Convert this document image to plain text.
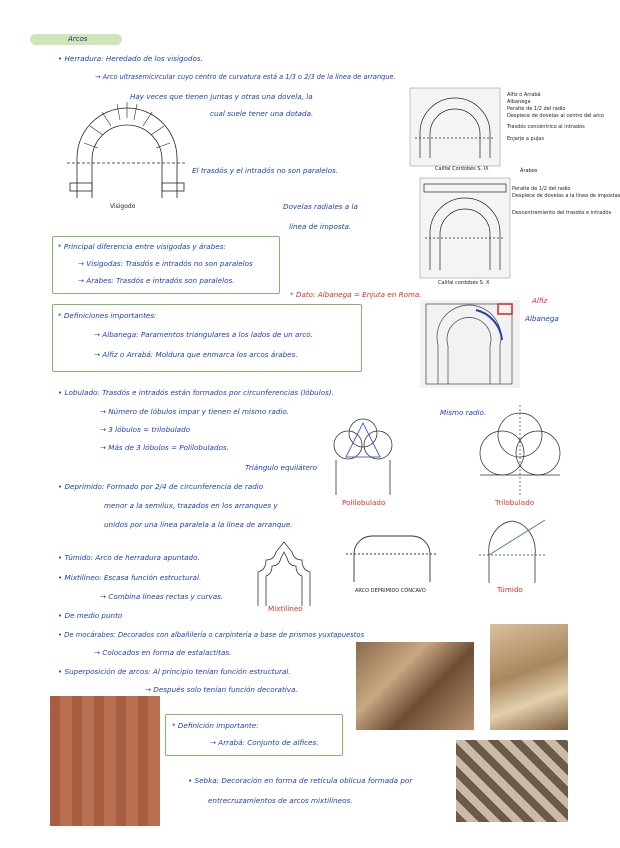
Arcos
• Herradura: Heredado de los visigodos.
→ Arco ultrasemicircular cuyo centro de curvatura está a 1/3 o 2/3 de la línea de arranque.
Hay veces que tienen juntas y otras una dovela, la
cual suele tener una dotada.
El trasdós y el intradós no son paralelos.
Dovelas radiales a la
línea de imposta.
Visigodo
Califal Cordobés S. IX
Alfiz o Arrabá
Albanega
Peralte de 1/2 del radio
Despiece de dovelas al centro del arco
Trasdós concéntrico al intradós
Enjarje a pujas
Árabes
Califal cordobés S. X
Peralte de 1/2 del radio
Despiece de dovelas a la línea de impostas
Descentramiento del trasdós e intradós
* Principal diferencia entre visigodas y árabes:
→ Visigodas: Trasdós e intradós no son paralelos
→ Árabes: Trasdós e intradós son paralelos.
* Dato: Albanega = Enjuta en Roma.
Alfiz
Albanega
* Definiciones importantes:
→ Albanega: Paramentos triangulares a los lados de un arco.
→ Alfiz o Arrabá: Moldura que enmarca los arcos árabes.
• Lobulado: Trasdós e intradós están formados por circunferencias (lóbulos).
→ Número de lóbulos impar y tienen el mismo radio.
→ 3 lóbulos = trilobulado
→ Más de 3 lóbulos = Polilobulados.
Triángulo equilátero
Mismo radio.
Polilobulado	Trilobulado
• Deprimido: Formado por 2/4 de circunferencia de radio
menor a la semilux, trazados en los arranques y
unidos por una línea paralela a la línea de arranque.
• Túmido: Arco de herradura apuntado.
• Mixtilíneo: Escasa función estructural.
→ Combina líneas rectas y curvas.
• De medio punto
• De mocárabes: Decorados con albañilería o carpintería a base de prismos yuxtapuestos
→ Colocados en forma de estalactitas.
• Superposición de arcos: Al principio tenían función estructural.
→ Después solo tenían función decorativa.
Mixtilíneo
ARCO DEPRIMIDO CÓNCAVO	Túmido
* Definición importante:
→ Arrabá: Conjunto de alfices.
• Sebka: Decoración en forma de retícula oblicua formada por
entrecruzamientos de arcos mixtilíneos.
